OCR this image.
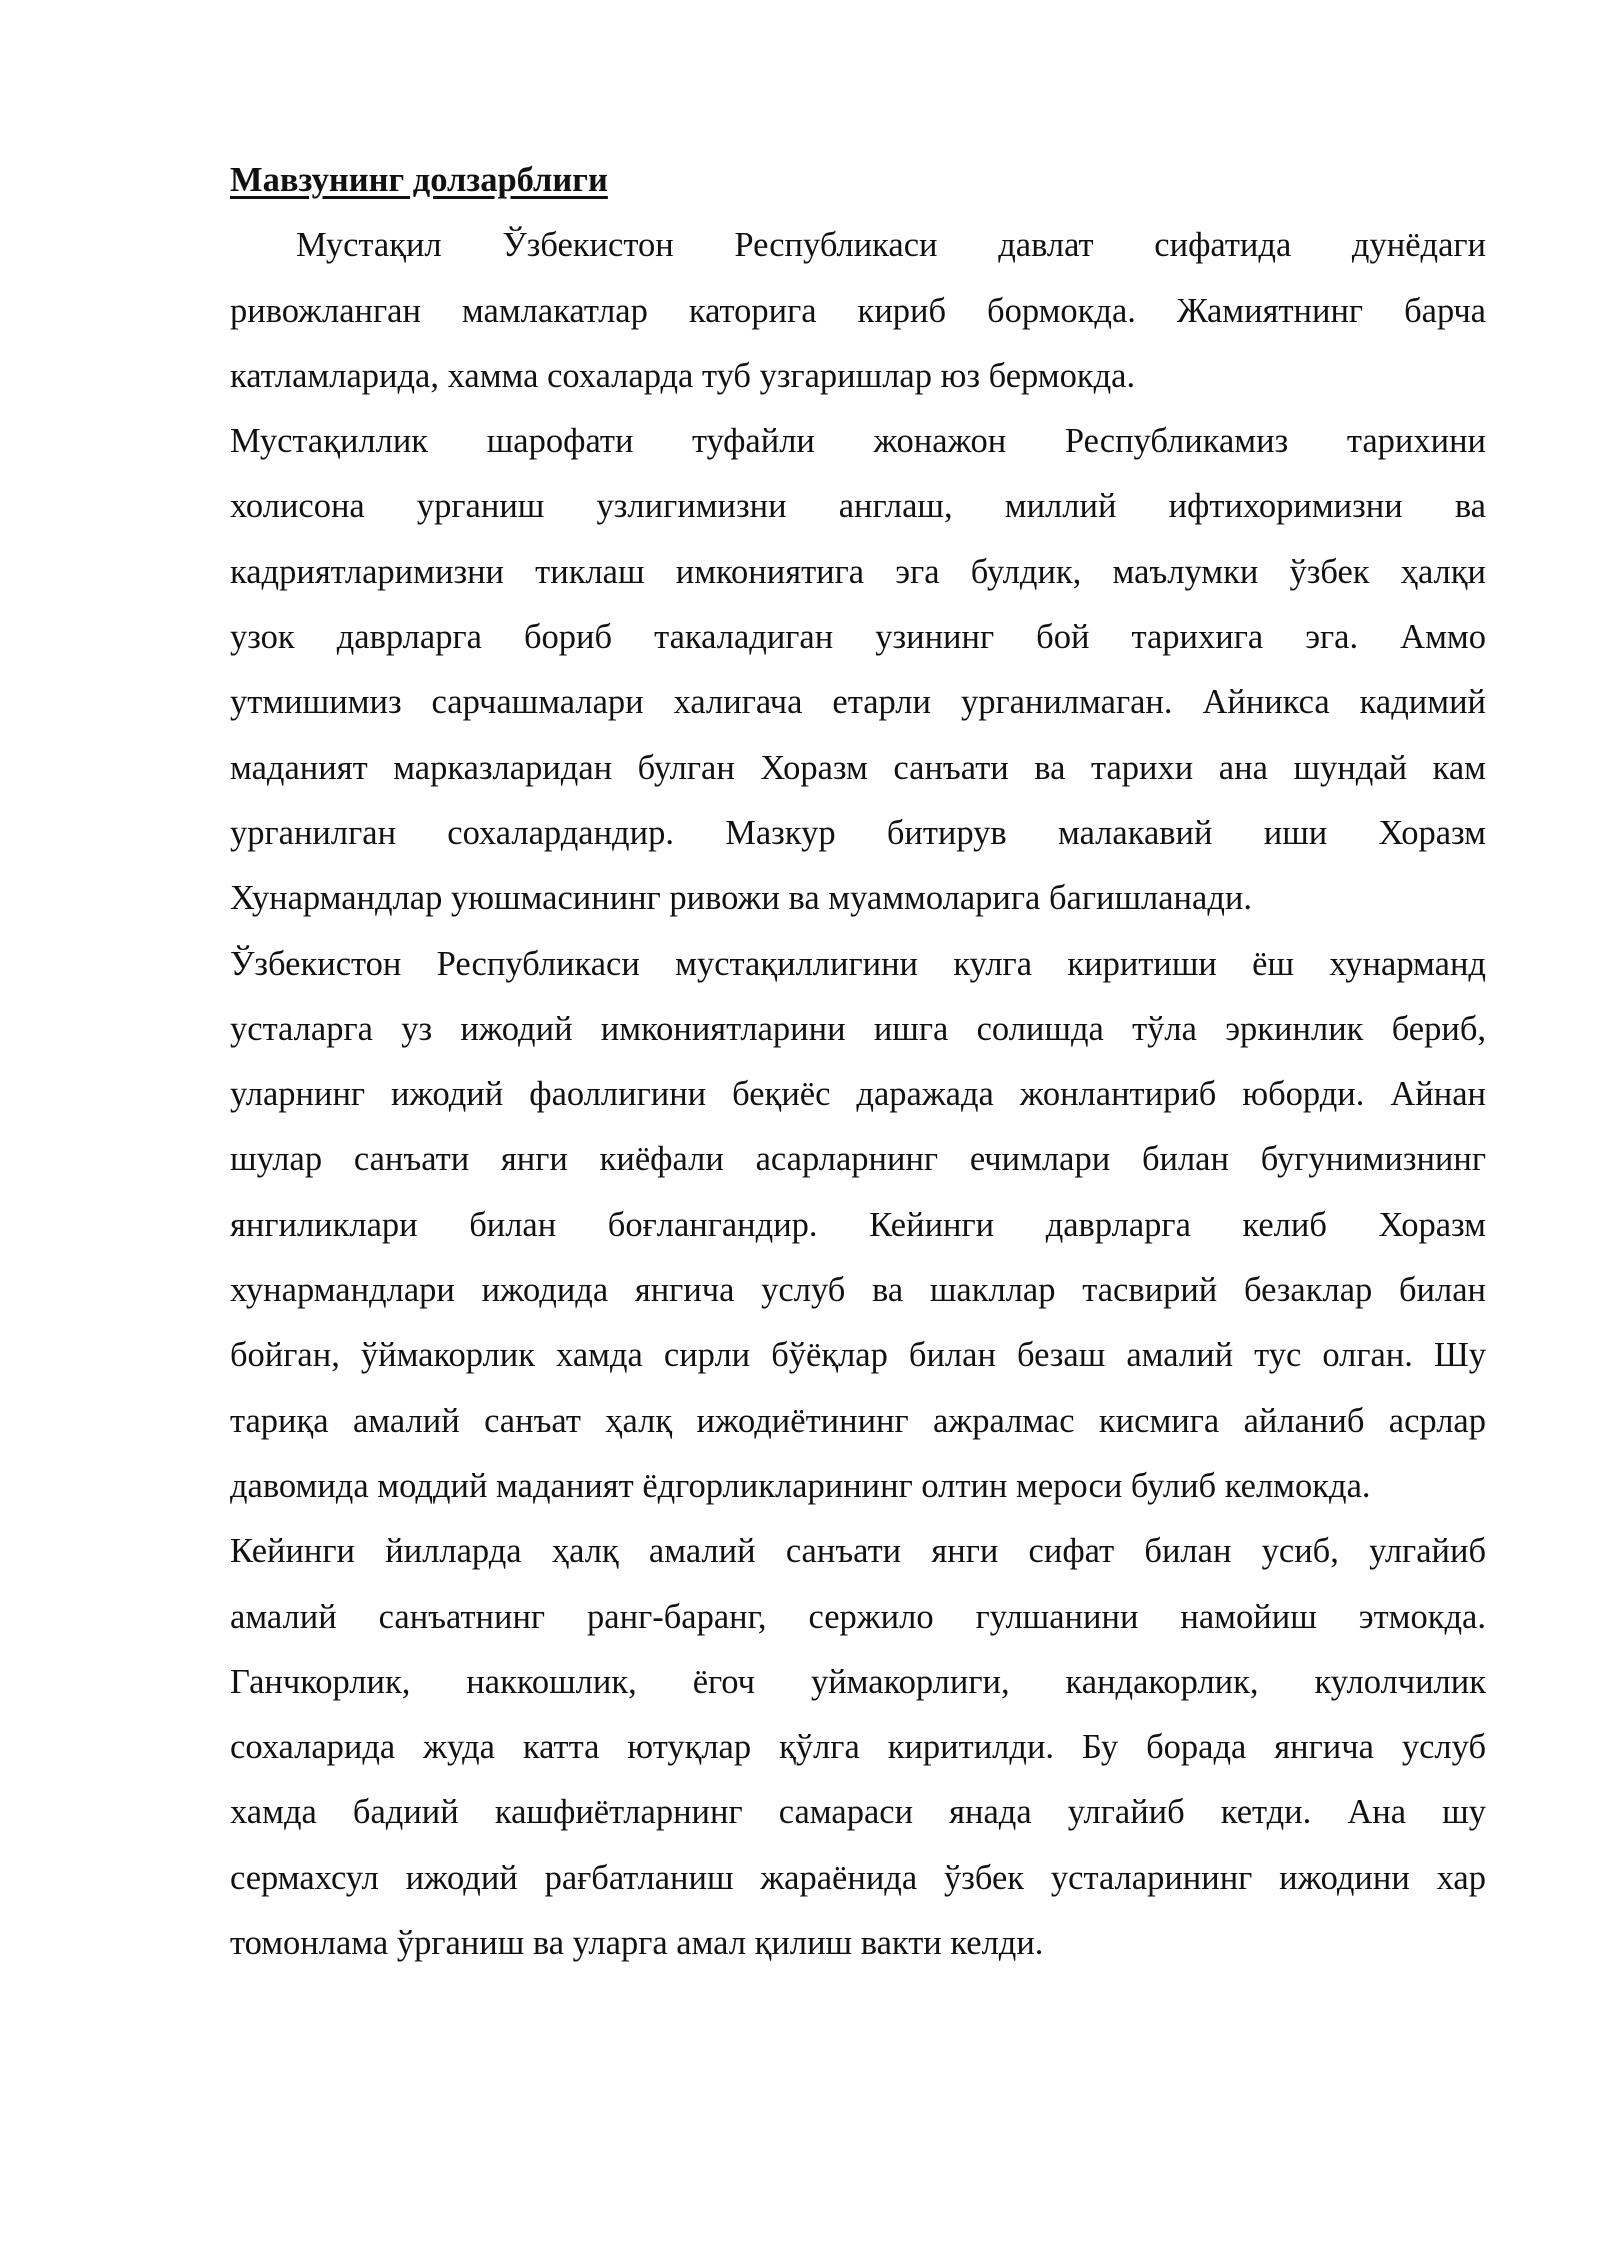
Мавзунинг долзарблиги
Мустақил Ўзбекистон Республикаси давлат сифатида дунёдаги
ривожланган мамлакатлар каторига кириб бормокда. Жамиятнинг барча
катламларида, хамма сохаларда туб узгаришлар юз бермокда.
Мустақиллик шарофати туфайли жонажон Республикамиз тарихини
холисона урганиш узлигимизни англаш, миллий ифтихоримизни ва
кадриятларимизни тиклаш имкониятига эга булдик, маълумки ўзбек ҳалқи
узок даврларга бориб такаладиган узининг бой тарихига эга. Аммо
утмишимиз сарчашмалари халигача етарли урганилмаган. Айникса кадимий
маданият марказларидан булган Хоразм санъати ва тарихи ана шундай кам
урганилган сохалардандир. Мазкур битирув малакавий иши Хоразм
Хунармандлар уюшмасининг ривожи ва муаммоларига багишланади.
Ўзбекистон Республикаси мустақиллигини кулга киритиши ёш хунарманд
усталарга уз ижодий имкониятларини ишга солишда тўла эркинлик бериб,
уларнинг ижодий фаоллигини беқиёс даражада жонлантириб юборди. Айнан
шулар санъати янги киёфали асарларнинг ечимлари билан бугунимизнинг
янгиликлари билан боғлангандир. Кейинги даврларга келиб Хоразм
хунармандлари ижодида янгича услуб ва шакллар тасвирий безаклар билан
бойган, ўймакорлик хамда сирли бўёқлар билан безаш амалий тус олган. Шу
тариқа амалий санъат ҳалқ ижодиётининг ажралмас кисмига айланиб асрлар
давомида моддий маданият ёдгорликларининг олтин мероси булиб келмокда.
Кейинги йилларда ҳалқ амалий санъати янги сифат билан усиб, улгайиб
амалий санъатнинг ранг-баранг, сержило гулшанини намойиш этмокда.
Ганчкорлик, наккошлик, ёгоч уймакорлиги, кандакорлик, кулолчилик
сохаларида жуда катта ютуқлар қўлга киритилди. Бу борада янгича услуб
хамда бадиий кашфиётларнинг самараси янада улгайиб кетди. Ана шу
сермахсул ижодий рағбатланиш жараёнида ўзбек усталарининг ижодини хар
томонлама ўрганиш ва уларга амал қилиш вакти келди.
